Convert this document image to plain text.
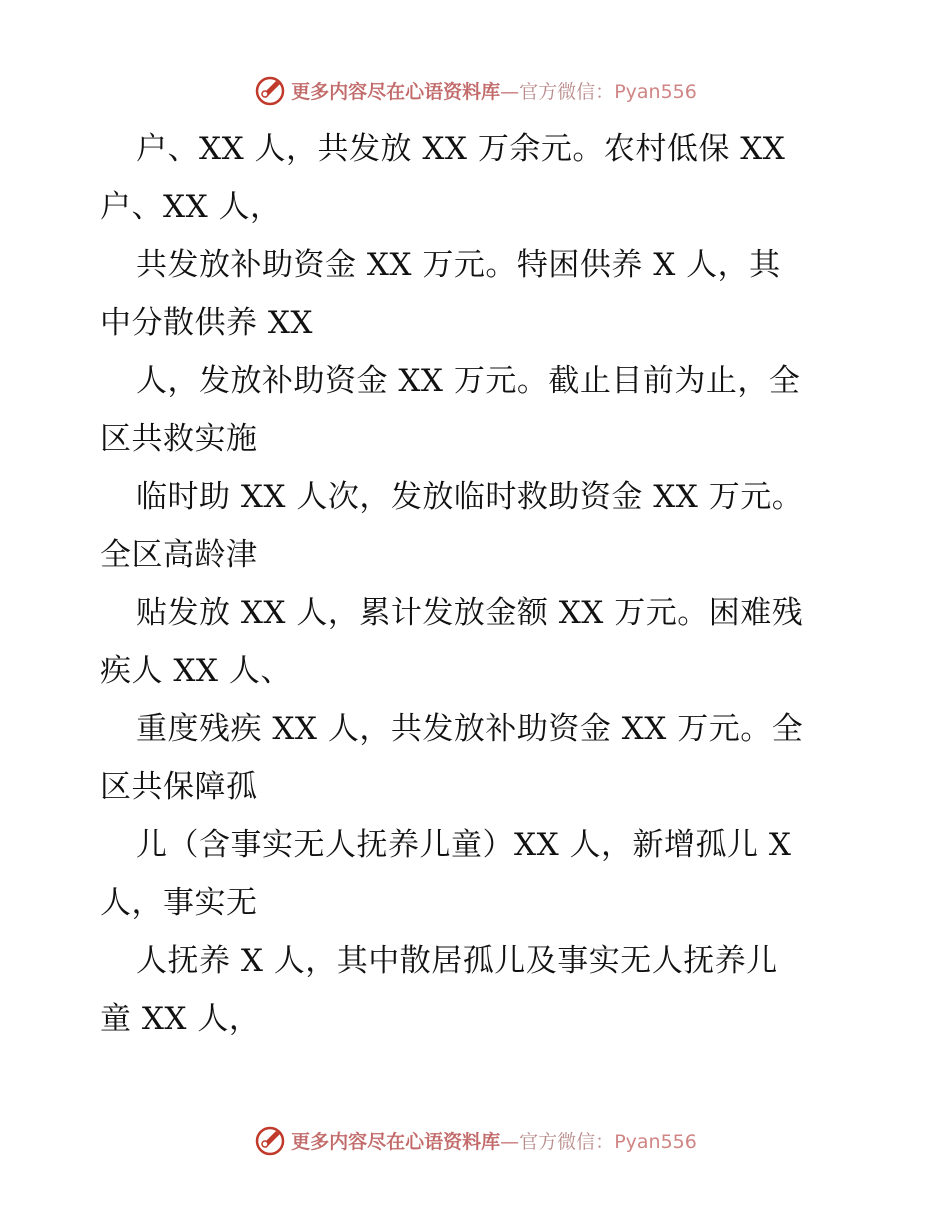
更多内容尽在心语资料库—官方微信：Pyan556
户、XX 人，共发放 XX 万余元。农村低保 XX
户、XX 人，
共发放补助资金 XX 万元。特困供养 X 人，其
中分散供养 XX
人，发放补助资金 XX 万元。截止目前为止，全
区共救实施
临时助 XX 人次，发放临时救助资金 XX 万元。
全区高龄津
贴发放 XX 人，累计发放金额 XX 万元。困难残
疾人 XX 人、
重度残疾 XX 人，共发放补助资金 XX 万元。全
区共保障孤
儿（含事实无人抚养儿童）XX 人，新增孤儿 X
人，事实无
人抚养 X 人，其中散居孤儿及事实无人抚养儿
童 XX 人，
更多内容尽在心语资料库—官方微信：Pyan556
